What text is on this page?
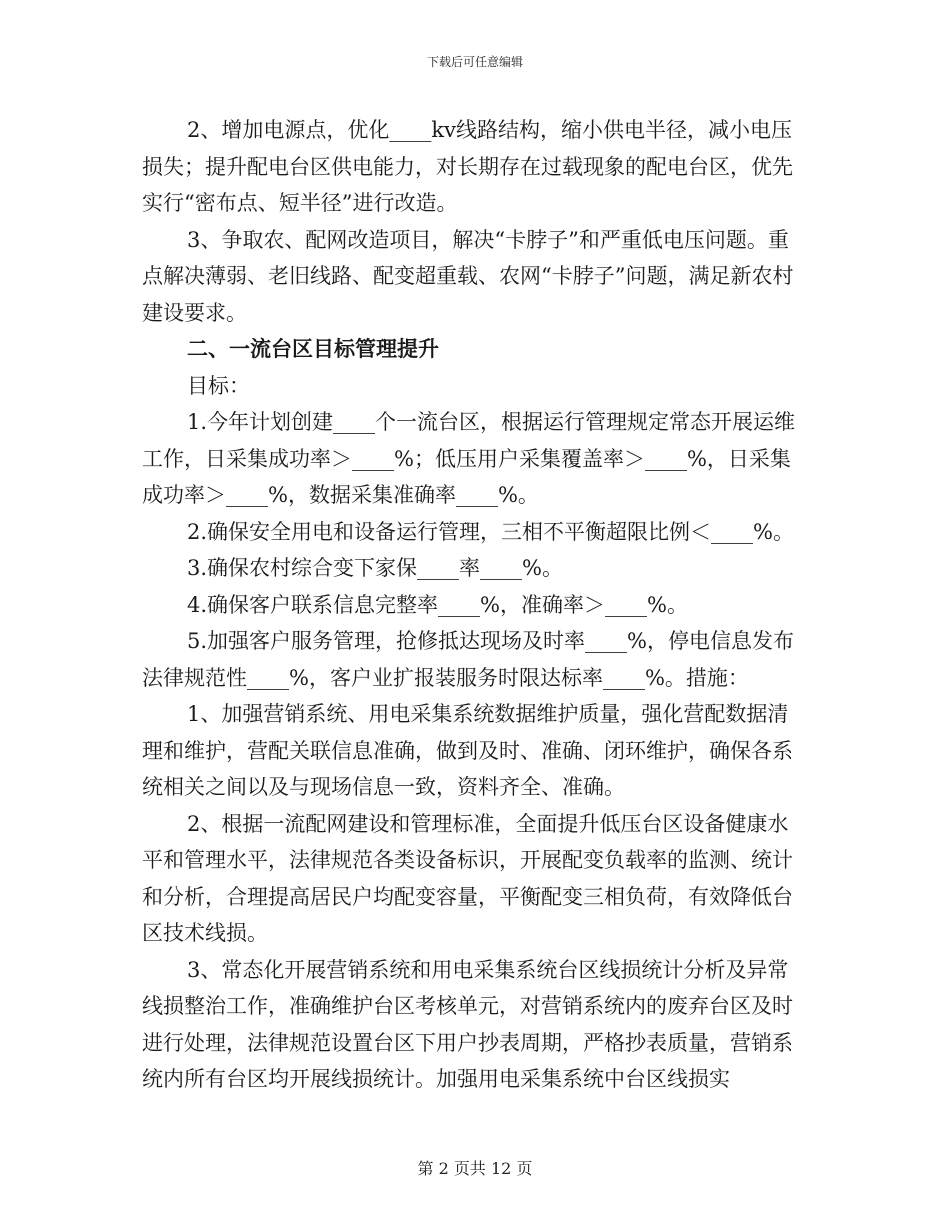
下载后可任意编辑

2、增加电源点，优化____kv线路结构，缩小供电半径，减小电压损失；提升配电台区供电能力，对长期存在过载现象的配电台区，优先实行“密布点、短半径”进行改造。

3、争取农、配网改造项目，解决“卡脖子”和严重低电压问题。重点解决薄弱、老旧线路、配变超重载、农网“卡脖子”问题，满足新农村建设要求。

二、一流台区目标管理提升

目标：

1.今年计划创建____个一流台区，根据运行管理规定常态开展运维工作，日采集成功率＞____%；低压用户采集覆盖率＞____%，日采集成功率＞____%，数据采集准确率____%。

2.确保安全用电和设备运行管理，三相不平衡超限比例＜____%。

3.确保农村综合变下家保____率____%。

4.确保客户联系信息完整率____%，准确率＞____%。

5.加强客户服务管理，抢修抵达现场及时率____%，停电信息发布法律规范性____%，客户业扩报装服务时限达标率____%。措施：

1、加强营销系统、用电采集系统数据维护质量，强化营配数据清理和维护，营配关联信息准确，做到及时、准确、闭环维护，确保各系统相关之间以及与现场信息一致，资料齐全、准确。

2、根据一流配网建设和管理标准，全面提升低压台区设备健康水平和管理水平，法律规范各类设备标识，开展配变负载率的监测、统计和分析，合理提高居民户均配变容量，平衡配变三相负荷，有效降低台区技术线损。

3、常态化开展营销系统和用电采集系统台区线损统计分析及异常线损整治工作，准确维护台区考核单元，对营销系统内的废弃台区及时进行处理，法律规范设置台区下用户抄表周期，严格抄表质量，营销系统内所有台区均开展线损统计。加强用电采集系统中台区线损实

第 2 页共 12 页
